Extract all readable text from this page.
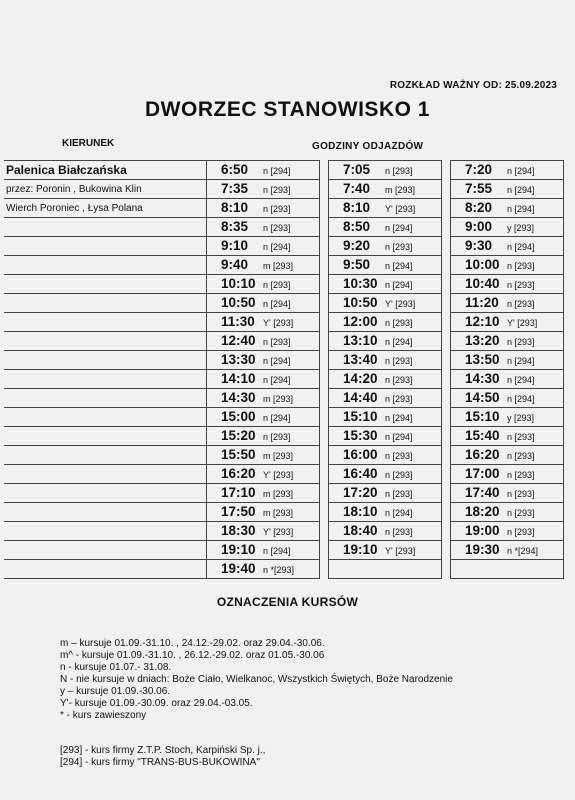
ROZKŁAD WAŻNY OD: 25.09.2023
DWORZEC STANOWISKO 1
KIERUNEK	GODZINY ODJAZDÓW
Palenica Białczańska	6:50 n [294]		7:05 n [293]		7:20 n [294]

przez: Poronin , Bukowina Klin	7:35 n [293]		7:40 m [293]		7:55 n [294]

Wierch Poroniec , Łysa Polana	8:10 n [293]		8:10 Y' [293]		8:20 n [294]

	8:35 n [293]		8:50 n [294]		9:00 y [293]

	9:10 n [294]		9:20 n [293]		9:30 n [294]

	9:40 m [293]		9:50 n [294]		10:00 n [293]

	10:10 n [293]		10:30 n [294]		10:40 n [293]

	10:50 n [294]		10:50 Y' [293]		11:20 n [293]

	11:30 Y' [293]		12:00 n [293]		12:10 Y' [293]

	12:40 n [293]		13:10 n [294]		13:20 n [293]

	13:30 n [294]		13:40 n [293]		13:50 n [294]

	14:10 n [294]		14:20 n [293]		14:30 n [294]

	14:30 m [293]		14:40 n [293]		14:50 n [294]

	15:00 n [294]		15:10 n [294]		15:10 y [293]

	15:20 n [293]		15:30 n [294]		15:40 n [293]

	15:50 m [293]		16:00 n [293]		16:20 n [293]

	16:20 Y' [293]		16:40 n [293]		17:00 n [293]

	17:10 m [293]		17:20 n [293]		17:40 n [293]

	17:50 m [293]		18:10 n [294]		18:20 n [293]

	18:30 Y' [293]		18:40 n [293]		19:00 n [293]

	19:10 n [294]		19:10 Y' [293]		19:30 n *[294]

	19:40 n *[293]				

OZNACZENIA KURSÓW
m – kursuje 01.09.-31.10. , 24.12.-29.02. oraz 29.04.-30.06.
m^ - kursuje 01.09.-31.10. , 26.12.-29.02. oraz 01.05.-30.06
n - kursuje 01.07.- 31.08.
N - nie kursuje w dniach: Boże Ciało, Wielkanoc, Wszystkich Świętych, Boże Narodzenie
y – kursuje 01.09.-30.06.
Y'- kursuje 01.09.-30.09. oraz 29.04.-03.05.
* - kurs zawieszony
[293] - kurs firmy Z.T.P. Stoch, Karpiński Sp. j.,
[294] - kurs firmy "TRANS-BUS-BUKOWINA"
